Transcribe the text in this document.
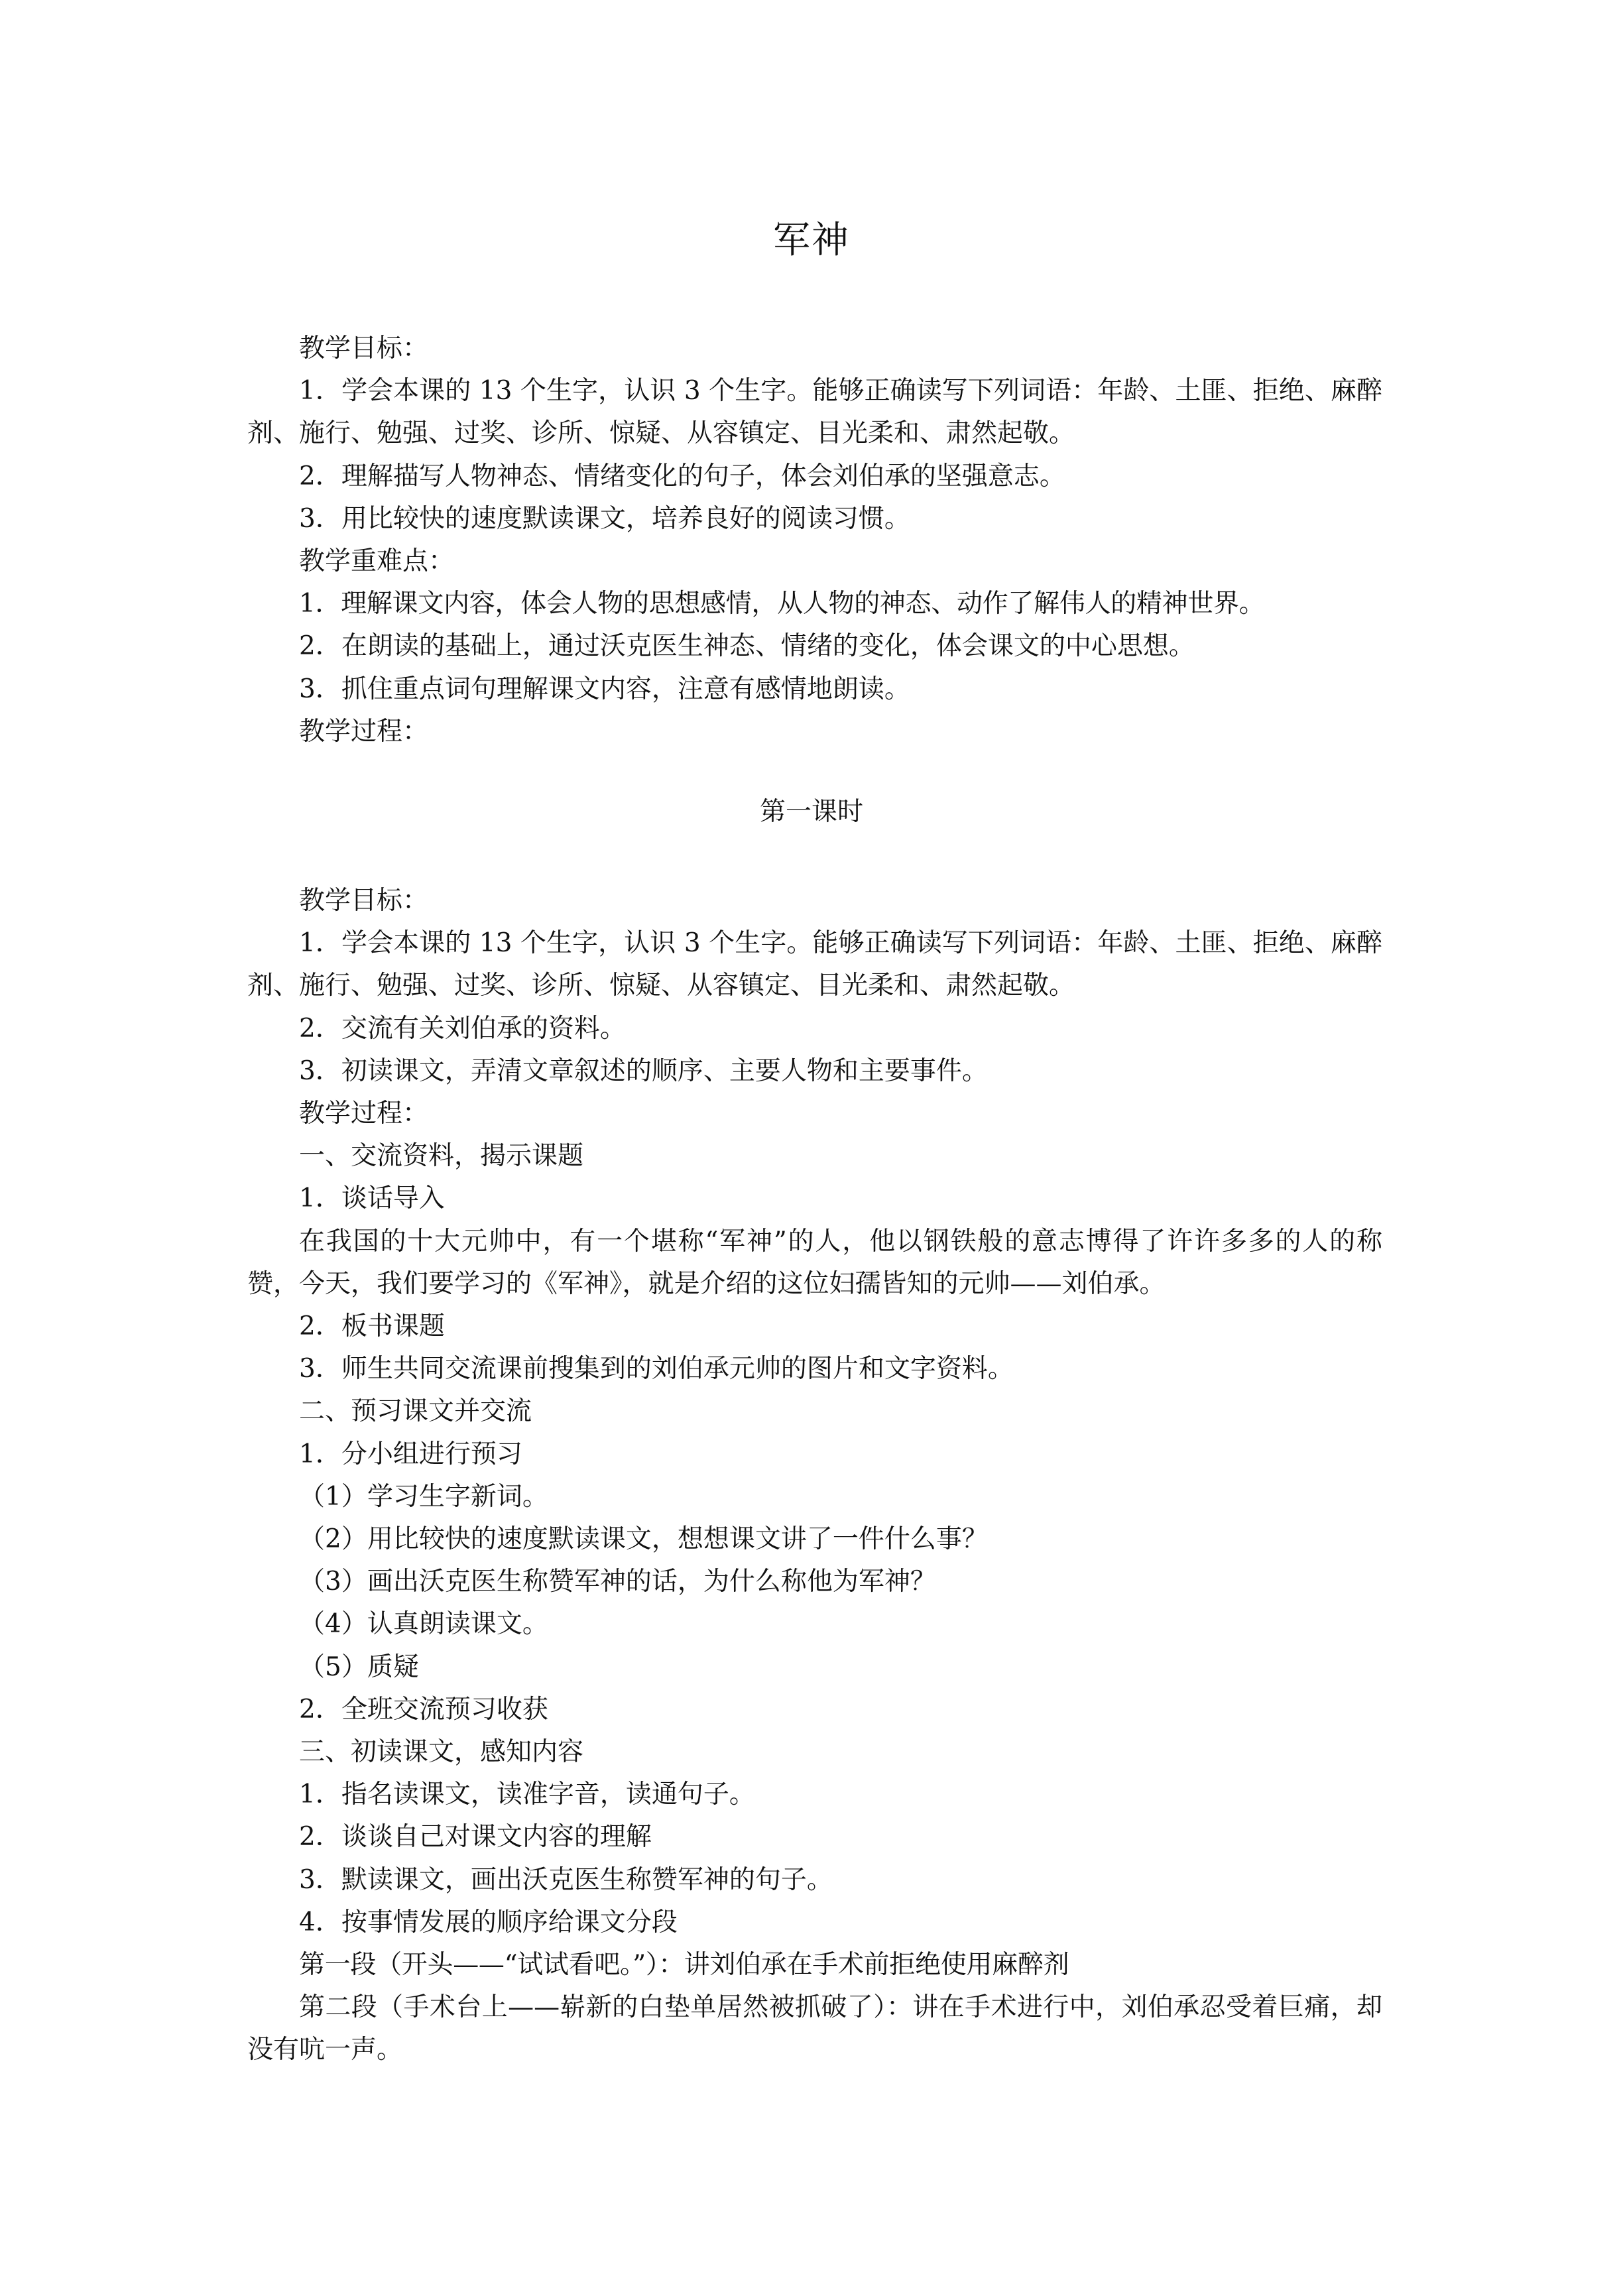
军神

教学目标：

1．学会本课的 13 个生字，认识 3 个生字。能够正确读写下列词语：年龄、土匪、拒绝、麻醉剂、施行、勉强、过奖、诊所、惊疑、从容镇定、目光柔和、肃然起敬。

2．理解描写人物神态、情绪变化的句子，体会刘伯承的坚强意志。

3．用比较快的速度默读课文，培养良好的阅读习惯。

教学重难点：

1．理解课文内容，体会人物的思想感情，从人物的神态、动作了解伟人的精神世界。

2．在朗读的基础上，通过沃克医生神态、情绪的变化，体会课文的中心思想。

3．抓住重点词句理解课文内容，注意有感情地朗读。

教学过程：

第一课时

教学目标：

1．学会本课的 13 个生字，认识 3 个生字。能够正确读写下列词语：年龄、土匪、拒绝、麻醉剂、施行、勉强、过奖、诊所、惊疑、从容镇定、目光柔和、肃然起敬。

2．交流有关刘伯承的资料。

3．初读课文，弄清文章叙述的顺序、主要人物和主要事件。

教学过程：

一、交流资料，揭示课题

1．谈话导入

在我国的十大元帅中，有一个堪称“军神”的人，他以钢铁般的意志博得了许许多多的人的称赞，今天，我们要学习的《军神》，就是介绍的这位妇孺皆知的元帅——刘伯承。

2．板书课题

3．师生共同交流课前搜集到的刘伯承元帅的图片和文字资料。

二、预习课文并交流

1．分小组进行预习

（1）学习生字新词。

（2）用比较快的速度默读课文，想想课文讲了一件什么事？

（3）画出沃克医生称赞军神的话，为什么称他为军神？

（4）认真朗读课文。

（5）质疑

2．全班交流预习收获

三、初读课文，感知内容

1．指名读课文，读准字音，读通句子。

2．谈谈自己对课文内容的理解

3．默读课文，画出沃克医生称赞军神的句子。

4．按事情发展的顺序给课文分段

第一段（开头——“试试看吧。”）：讲刘伯承在手术前拒绝使用麻醉剂

第二段（手术台上——崭新的白垫单居然被抓破了）：讲在手术进行中，刘伯承忍受着巨痛，却没有吭一声。
